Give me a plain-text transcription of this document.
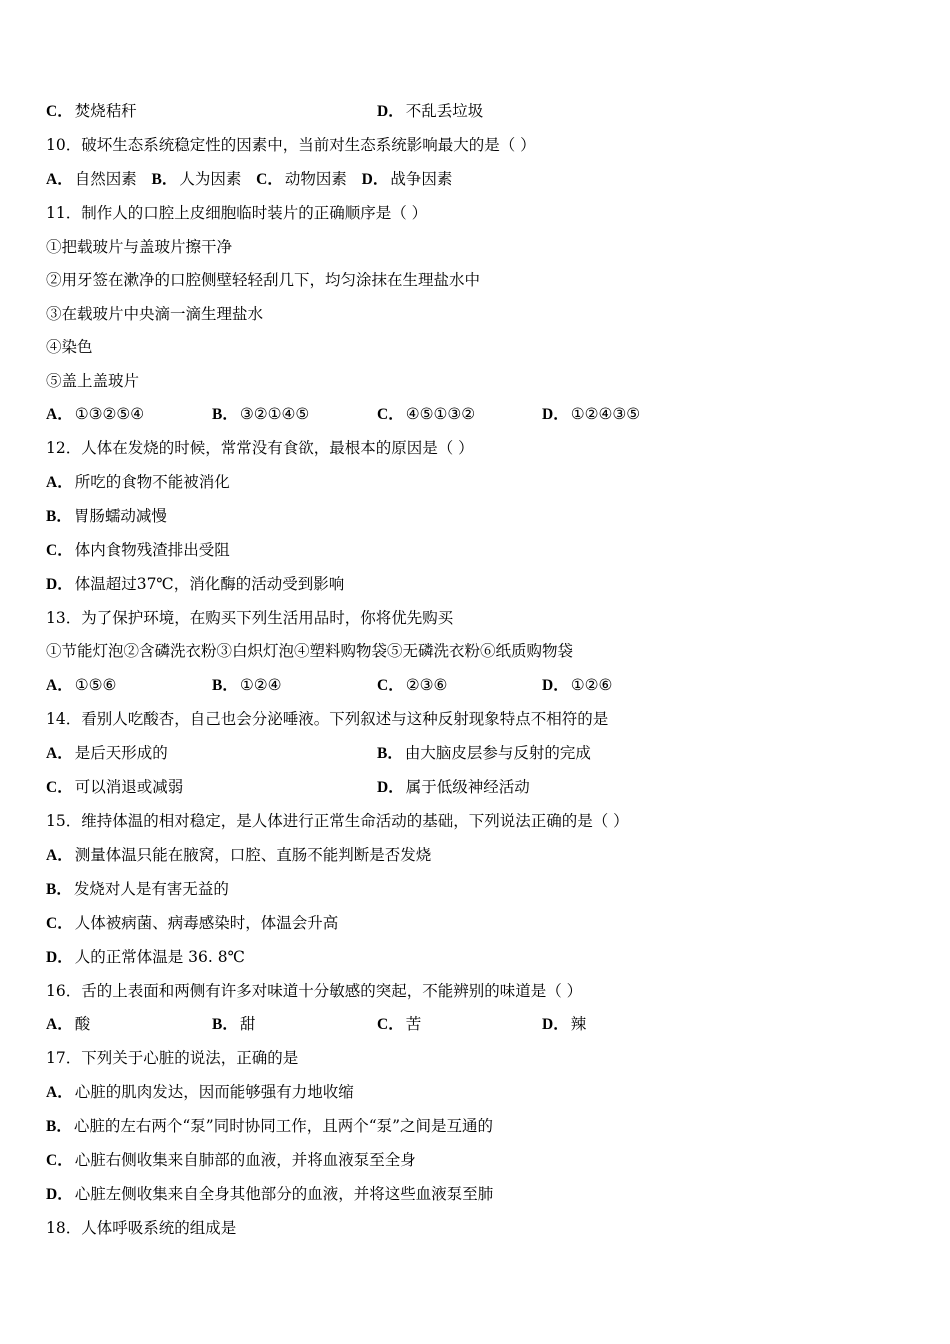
C． 焚烧秸秆	D． 不乱丢垃圾
10．破坏生态系统稳定性的因素中，当前对生态系统影响最大的是（ ）
A． 自然因素 B． 人为因素 C． 动物因素 D． 战争因素
11．制作人的口腔上皮细胞临时装片的正确顺序是（ ）
①把载玻片与盖玻片擦干净
②用牙签在漱净的口腔侧壁轻轻刮几下，均匀涂抹在生理盐水中
③在载玻片中央滴一滴生理盐水
④染色
⑤盖上盖玻片
A． ①③②⑤④	B． ③②①④⑤	C． ④⑤①③②	D． ①②④③⑤
12．人体在发烧的时候，常常没有食欲，最根本的原因是（ ）
A． 所吃的食物不能被消化
B． 胃肠蠕动减慢
C． 体内食物残渣排出受阻
D． 体温超过37℃，消化酶的活动受到影响
13．为了保护环境，在购买下列生活用品时，你将优先购买
①节能灯泡②含磷洗衣粉③白炽灯泡④塑料购物袋⑤无磷洗衣粉⑥纸质购物袋
A． ①⑤⑥	B． ①②④	C． ②③⑥	D． ①②⑥
14．看别人吃酸杏，自己也会分泌唾液。下列叙述与这种反射现象特点不相符的是
A． 是后天形成的	B． 由大脑皮层参与反射的完成
C． 可以消退或减弱	D． 属于低级神经活动
15．维持体温的相对稳定，是人体进行正常生命活动的基础，下列说法正确的是（ ）
A． 测量体温只能在腋窝，口腔、直肠不能判断是否发烧
B． 发烧对人是有害无益的
C． 人体被病菌、病毒感染时，体温会升高
D． 人的正常体温是 36. 8℃
16．舌的上表面和两侧有许多对味道十分敏感的突起，不能辨别的味道是（ ）
A． 酸	B． 甜	C． 苦	D． 辣
17．下列关于心脏的说法，正确的是
A． 心脏的肌肉发达，因而能够强有力地收缩
B． 心脏的左右两个“泵”同时协同工作，且两个“泵”之间是互通的
C． 心脏右侧收集来自肺部的血液，并将血液泵至全身
D． 心脏左侧收集来自全身其他部分的血液，并将这些血液泵至肺
18．人体呼吸系统的组成是
